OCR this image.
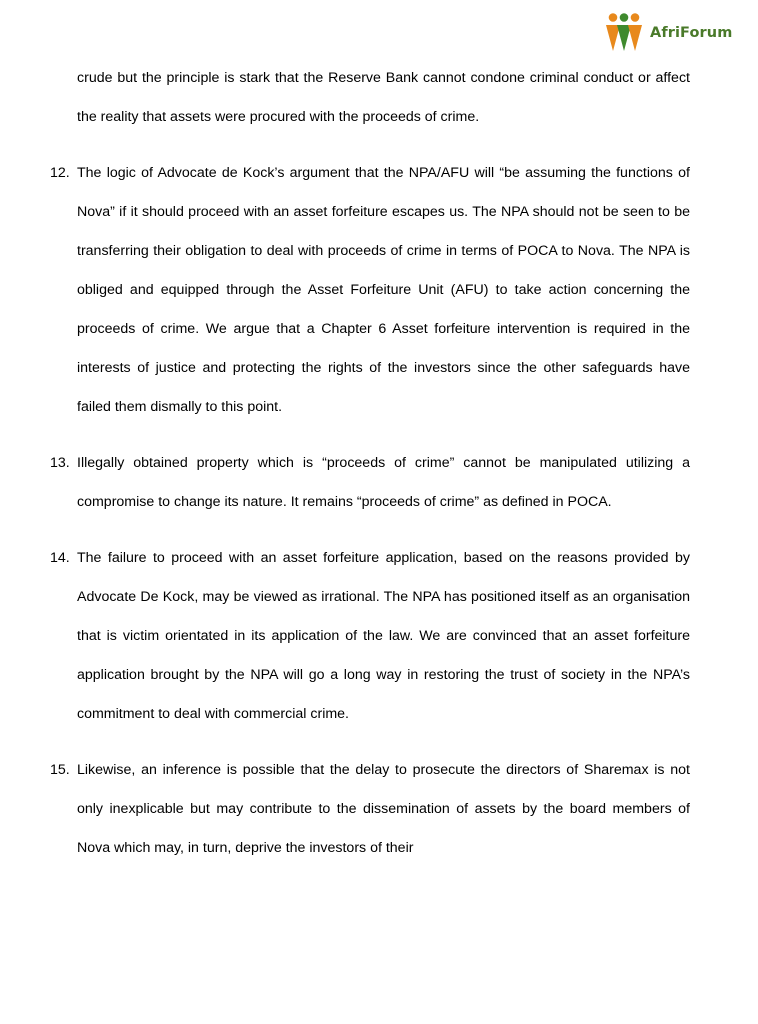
AfriForum

crude but the principle is stark that the Reserve Bank cannot condone criminal conduct or affect the reality that assets were procured with the proceeds of crime.

12. The logic of Advocate de Kock’s argument that the NPA/AFU will “be assuming the functions of Nova” if it should proceed with an asset forfeiture escapes us. The NPA should not be seen to be transferring their obligation to deal with proceeds of crime in terms of POCA to Nova. The NPA is obliged and equipped through the Asset Forfeiture Unit (AFU) to take action concerning the proceeds of crime. We argue that a Chapter 6 Asset forfeiture intervention is required in the interests of justice and protecting the rights of the investors since the other safeguards have failed them dismally to this point.

13. Illegally obtained property which is “proceeds of crime” cannot be manipulated utilizing a compromise to change its nature. It remains “proceeds of crime” as defined in POCA.

14. The failure to proceed with an asset forfeiture application, based on the reasons provided by Advocate De Kock, may be viewed as irrational. The NPA has positioned itself as an organisation that is victim orientated in its application of the law. We are convinced that an asset forfeiture application brought by the NPA will go a long way in restoring the trust of society in the NPA’s commitment to deal with commercial crime.

15. Likewise, an inference is possible that the delay to prosecute the directors of Sharemax is not only inexplicable but may contribute to the dissemination of assets by the board members of Nova which may, in turn, deprive the investors of their
